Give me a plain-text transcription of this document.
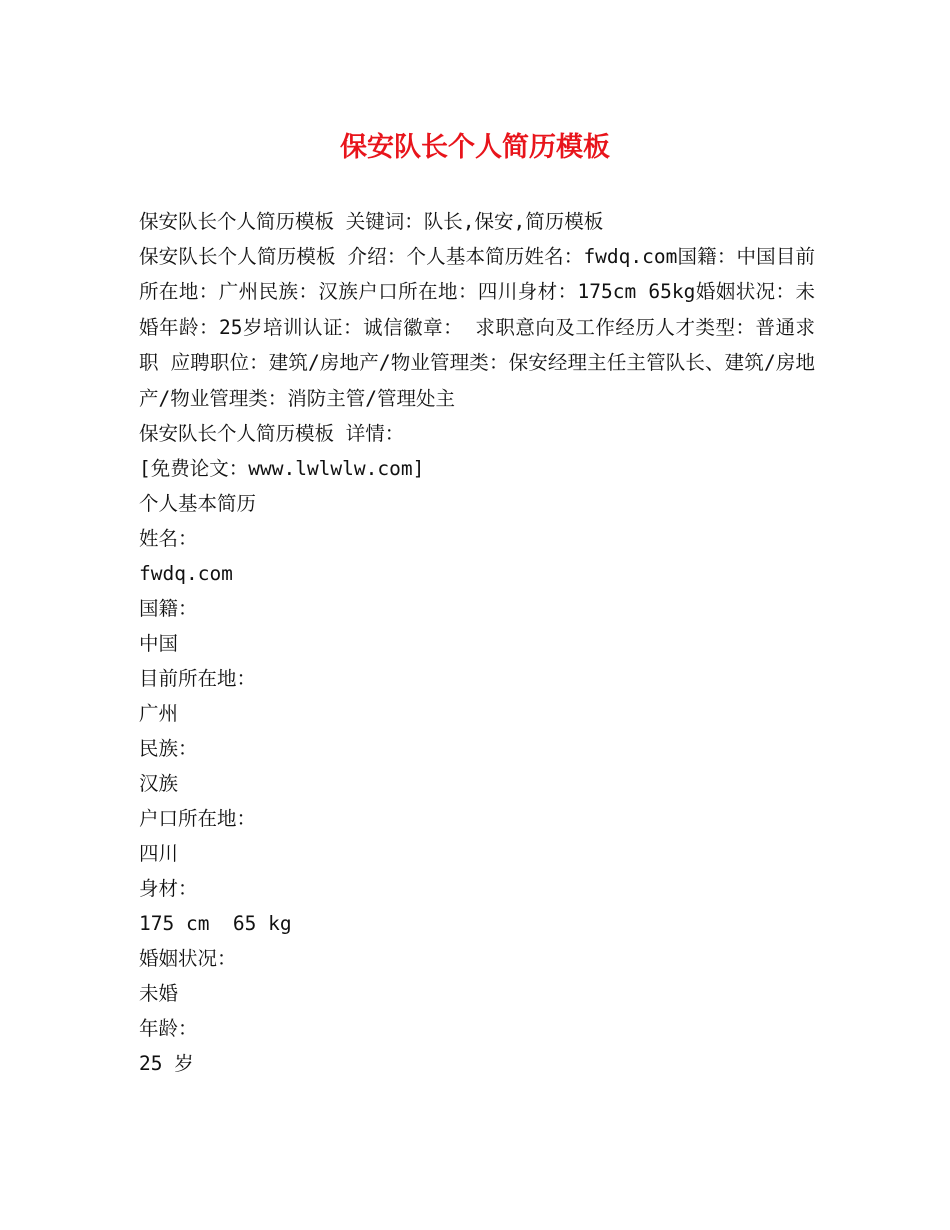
保安队长个人简历模板
保安队长个人简历模板 关键词：队长,保安,简历模板
保安队长个人简历模板 介绍：个人基本简历姓名：fwdq.com国籍：中国目前所在地：广州民族：汉族户口所在地：四川身材：175cm 65kg婚姻状况：未婚年龄：25岁培训认证：诚信徽章： 求职意向及工作经历人才类型：普通求职 应聘职位：建筑/房地产/物业管理类：保安经理主任主管队长、建筑/房地产/物业管理类：消防主管/管理处主
保安队长个人简历模板 详情：
[免费论文：www.lwlwlw.com]
个人基本简历
姓名：
fwdq.com
国籍：
中国
目前所在地：
广州
民族：
汉族
户口所在地：
四川
身材：
175 cm  65 kg
婚姻状况：
未婚
年龄：
25 岁
